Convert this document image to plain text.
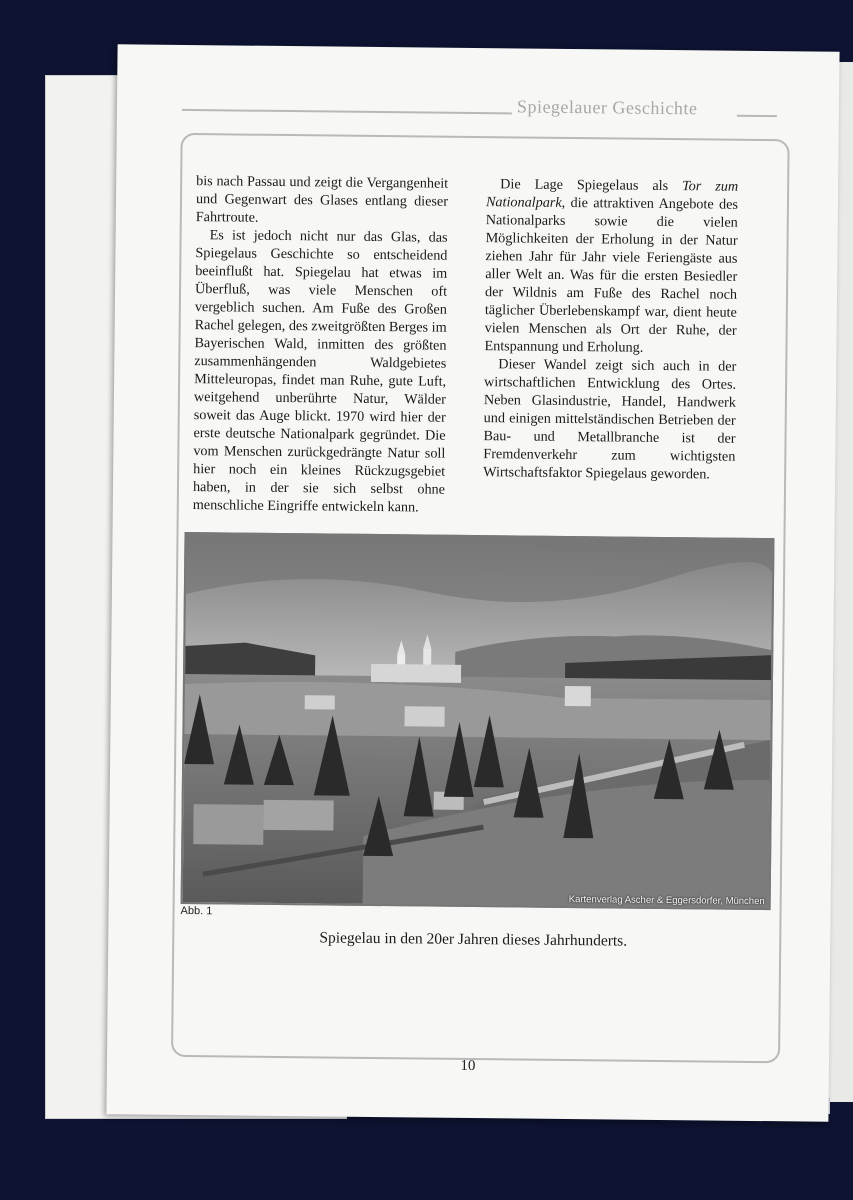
Spiegelauer Geschichte

bis nach Passau und zeigt die Vergangenheit und Gegenwart des Glases entlang dieser Fahrtroute.

Es ist jedoch nicht nur das Glas, das Spiegelaus Geschichte so entscheidend beeinflußt hat. Spiegelau hat etwas im Überfluß, was viele Menschen oft vergeblich suchen. Am Fuße des Großen Rachel gelegen, des zweitgrößten Berges im Bayerischen Wald, inmitten des größten zusammenhängenden Waldgebietes Mitteleuropas, findet man Ruhe, gute Luft, weitgehend unberührte Natur, Wälder soweit das Auge blickt. 1970 wird hier der erste deutsche Nationalpark gegründet. Die vom Menschen zurückgedrängte Natur soll hier noch ein kleines Rückzugsgebiet haben, in der sie sich selbst ohne menschliche Eingriffe entwickeln kann.

Die Lage Spiegelaus als Tor zum Nationalpark, die attraktiven Angebote des Nationalparks sowie die vielen Möglichkeiten der Erholung in der Natur ziehen Jahr für Jahr viele Feriengäste aus aller Welt an. Was für die ersten Besiedler der Wildnis am Fuße des Rachel noch täglicher Überlebenskampf war, dient heute vielen Menschen als Ort der Ruhe, der Entspannung und Erholung.

Dieser Wandel zeigt sich auch in der wirtschaftlichen Entwicklung des Ortes. Neben Glasindustrie, Handel, Handwerk und einigen mittelständischen Betrieben der Bau- und Metallbranche ist der Fremdenverkehr zum wichtigsten Wirtschaftsfaktor Spiegelaus geworden.

Kartenverlag Ascher & Eggersdorfer, München
Abb. 1
Spiegelau in den 20er Jahren dieses Jahrhunderts.
10
